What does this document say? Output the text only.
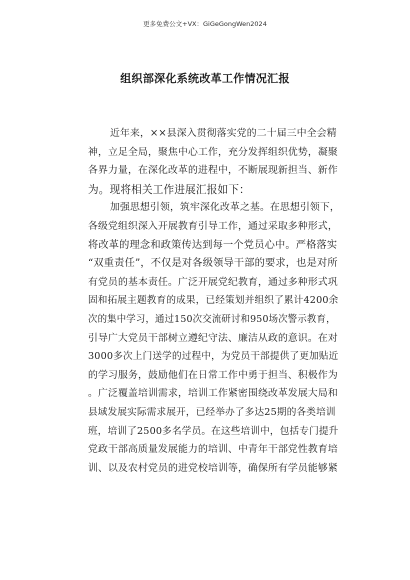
更多免费公文+VX：GiGeGongWen2024
组织部深化系统改革工作情况汇报
近年来，××县深入贯彻落实党的二十届三中全会精
神，立足全局，聚焦中心工作，充分发挥组织优势，凝聚
各界力量，在深化改革的进程中，不断展现新担当、新作
为。现将相关工作进展汇报如下：
加强思想引领，筑牢深化改革之基。在思想引领下，
各级党组织深入开展教育引导工作，通过采取多种形式，
将改革的理念和政策传达到每一个党员心中。严格落实
“双重责任”，不仅是对各级领导干部的要求，也是对所
有党员的基本责任。广泛开展党纪教育，通过多种形式巩
固和拓展主题教育的成果，已经策划并组织了累计4200余
次的集中学习，通过150次交流研讨和950场次警示教育，
引导广大党员干部树立遵纪守法、廉洁从政的意识。在对
3000多次上门送学的过程中，为党员干部提供了更加贴近
的学习服务，鼓励他们在日常工作中勇于担当、积极作为
。广泛覆盖培训需求，培训工作紧密围绕改革发展大局和
县域发展实际需求展开，已经举办了多达25期的各类培训
班，培训了2500多名学员。在这些培训中，包括专门提升
党政干部高质量发展能力的培训、中青年干部党性教育培
训、以及农村党员的进党校培训等，确保所有学员能够紧
